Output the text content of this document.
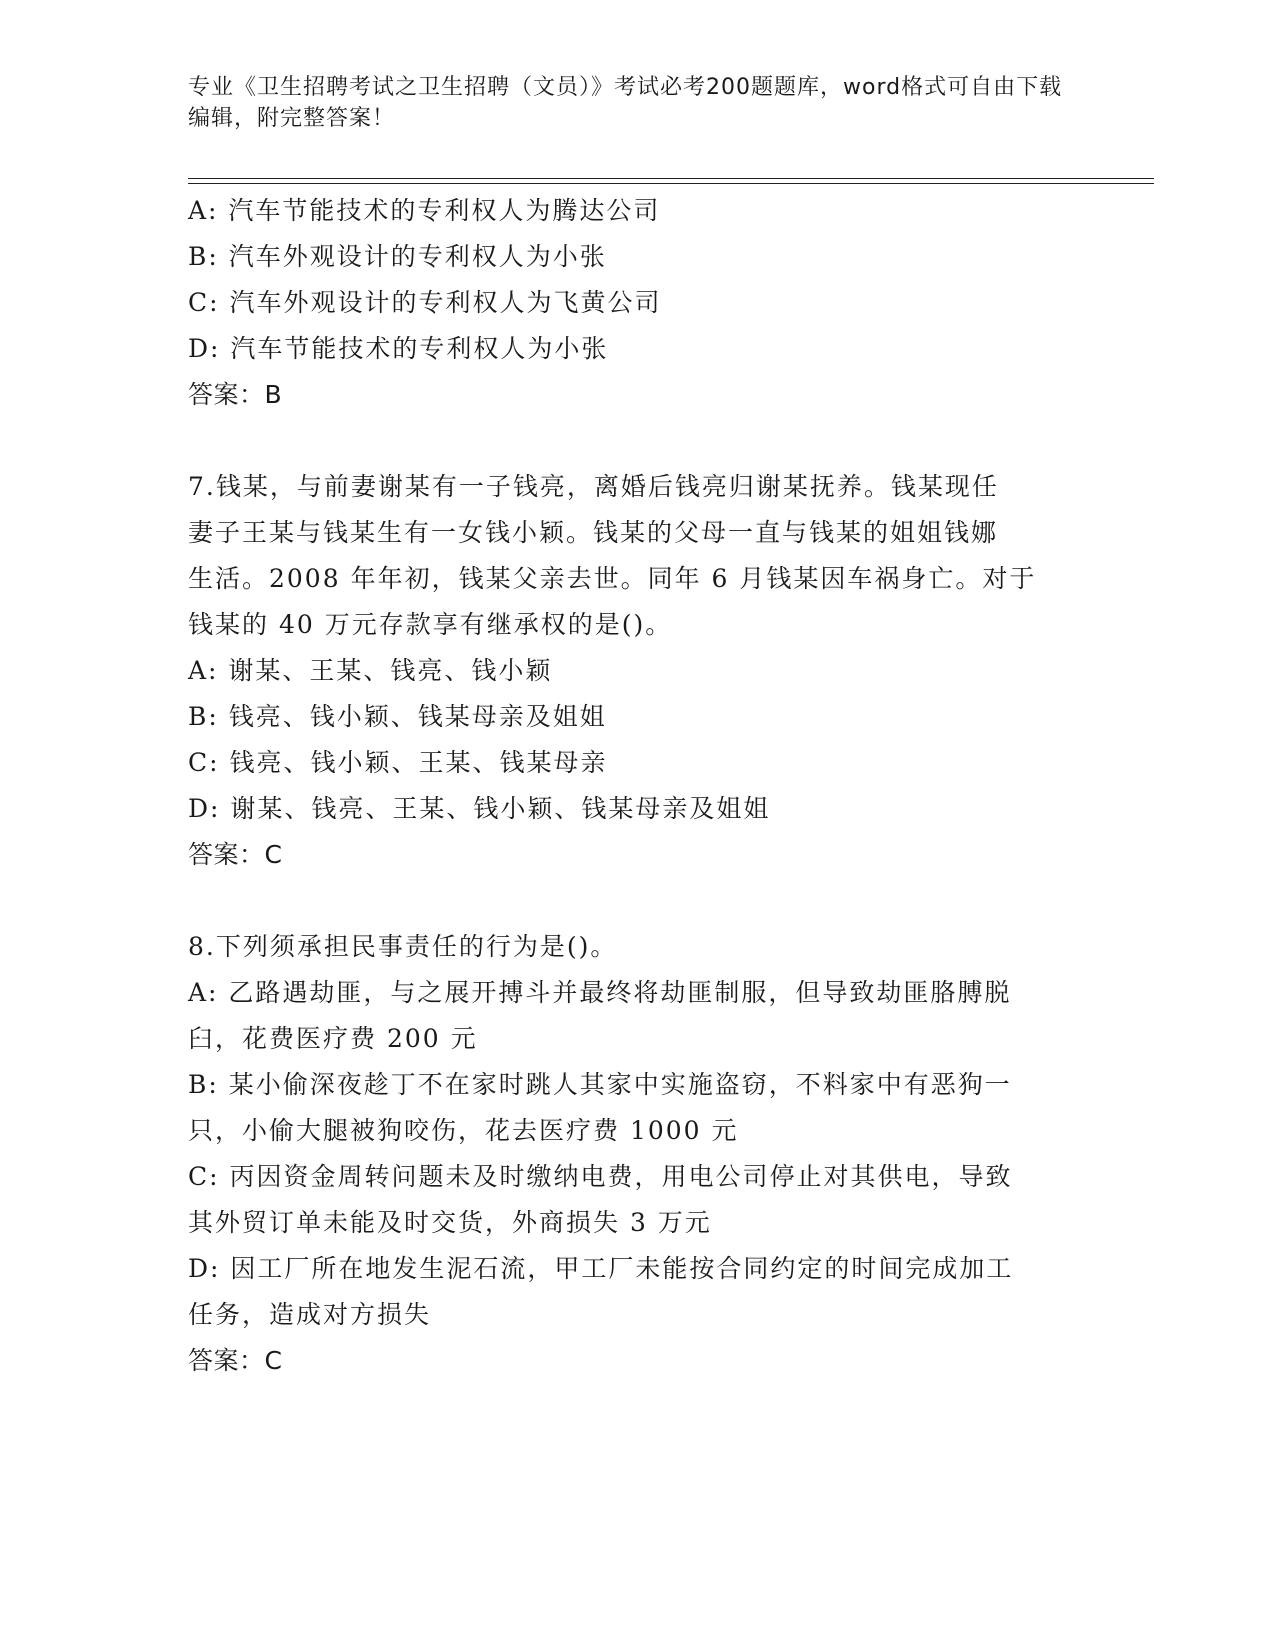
专业《卫生招聘考试之卫生招聘（文员）》考试必考200题题库，word格式可自由下载编辑，附完整答案！
A: 汽车节能技术的专利权人为腾达公司
B: 汽车外观设计的专利权人为小张
C: 汽车外观设计的专利权人为飞黄公司
D: 汽车节能技术的专利权人为小张
答案：B
7.钱某，与前妻谢某有一子钱亮，离婚后钱亮归谢某抚养。钱某现任
妻子王某与钱某生有一女钱小颖。钱某的父母一直与钱某的姐姐钱娜
生活。2008 年年初，钱某父亲去世。同年 6 月钱某因车祸身亡。对于
钱某的 40 万元存款享有继承权的是()。
A: 谢某、王某、钱亮、钱小颖
B: 钱亮、钱小颖、钱某母亲及姐姐
C: 钱亮、钱小颖、王某、钱某母亲
D: 谢某、钱亮、王某、钱小颖、钱某母亲及姐姐
答案：C
8.下列须承担民事责任的行为是()。
A: 乙路遇劫匪，与之展开搏斗并最终将劫匪制服，但导致劫匪胳膊脱
臼，花费医疗费 200 元
B: 某小偷深夜趁丁不在家时跳人其家中实施盗窃，不料家中有恶狗一
只，小偷大腿被狗咬伤，花去医疗费 1000 元
C: 丙因资金周转问题未及时缴纳电费，用电公司停止对其供电，导致
其外贸订单未能及时交货，外商损失 3 万元
D: 因工厂所在地发生泥石流，甲工厂未能按合同约定的时间完成加工
任务，造成对方损失
答案：C
